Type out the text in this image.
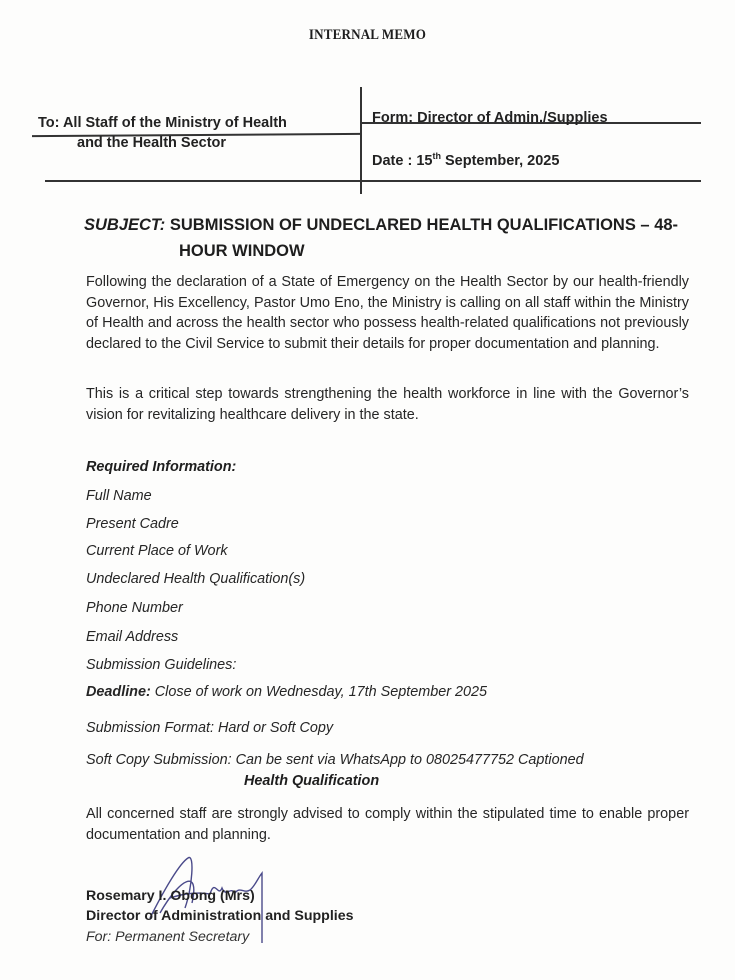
INTERNAL MEMO
To: All Staff of the Ministry of Health
and the Health Sector
Form: Director of Admin./Supplies
Date : 15th September, 2025
SUBJECT: SUBMISSION OF UNDECLARED HEALTH QUALIFICATIONS – 48-
HOUR WINDOW
Following the declaration of a State of Emergency on the Health Sector by our health-friendly Governor, His Excellency, Pastor Umo Eno, the Ministry is calling on all staff within the Ministry of Health and across the health sector who possess health-related qualifications not previously declared to the Civil Service to submit their details for proper documentation and planning.
This is a critical step towards strengthening the health workforce in line with the Governor’s vision for revitalizing healthcare delivery in the state.
Required Information:
Full Name
Present Cadre
Current Place of Work
Undeclared Health Qualification(s)
Phone Number
Email Address
Submission Guidelines:
Deadline: Close of work on Wednesday, 17th September 2025
Submission Format: Hard or Soft Copy
Soft Copy Submission: Can be sent via WhatsApp to 08025477752 Captioned
Health Qualification
All concerned staff are strongly advised to comply within the stipulated time to enable proper documentation and planning.
Rosemary I. Obong (Mrs)
Director of Administration and Supplies
For: Permanent Secretary
